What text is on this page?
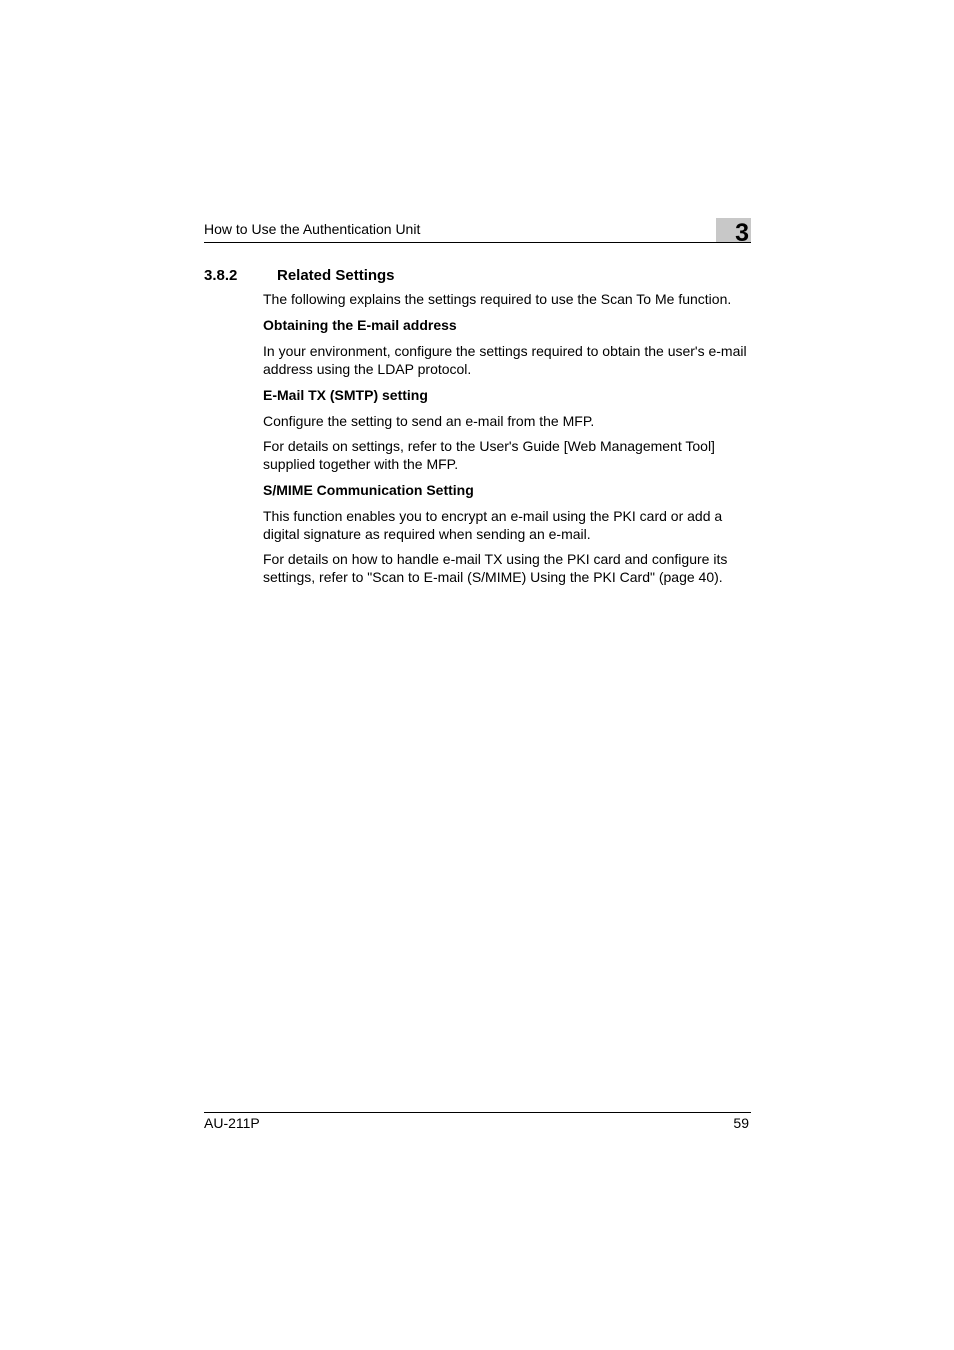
How to Use the Authentication Unit	3
3.8.2	Related Settings

The following explains the settings required to use the Scan To Me function.

Obtaining the E-mail address

In your environment, configure the settings required to obtain the user's e-mail address using the LDAP protocol.

E-Mail TX (SMTP) setting

Configure the setting to send an e-mail from the MFP.

For details on settings, refer to the User's Guide [Web Management Tool] supplied together with the MFP.

S/MIME Communication Setting

This function enables you to encrypt an e-mail using the PKI card or add a digital signature as required when sending an e-mail.

For details on how to handle e-mail TX using the PKI card and configure its settings, refer to "Scan to E-mail (S/MIME) Using the PKI Card" (page 40).

AU-211P	59
